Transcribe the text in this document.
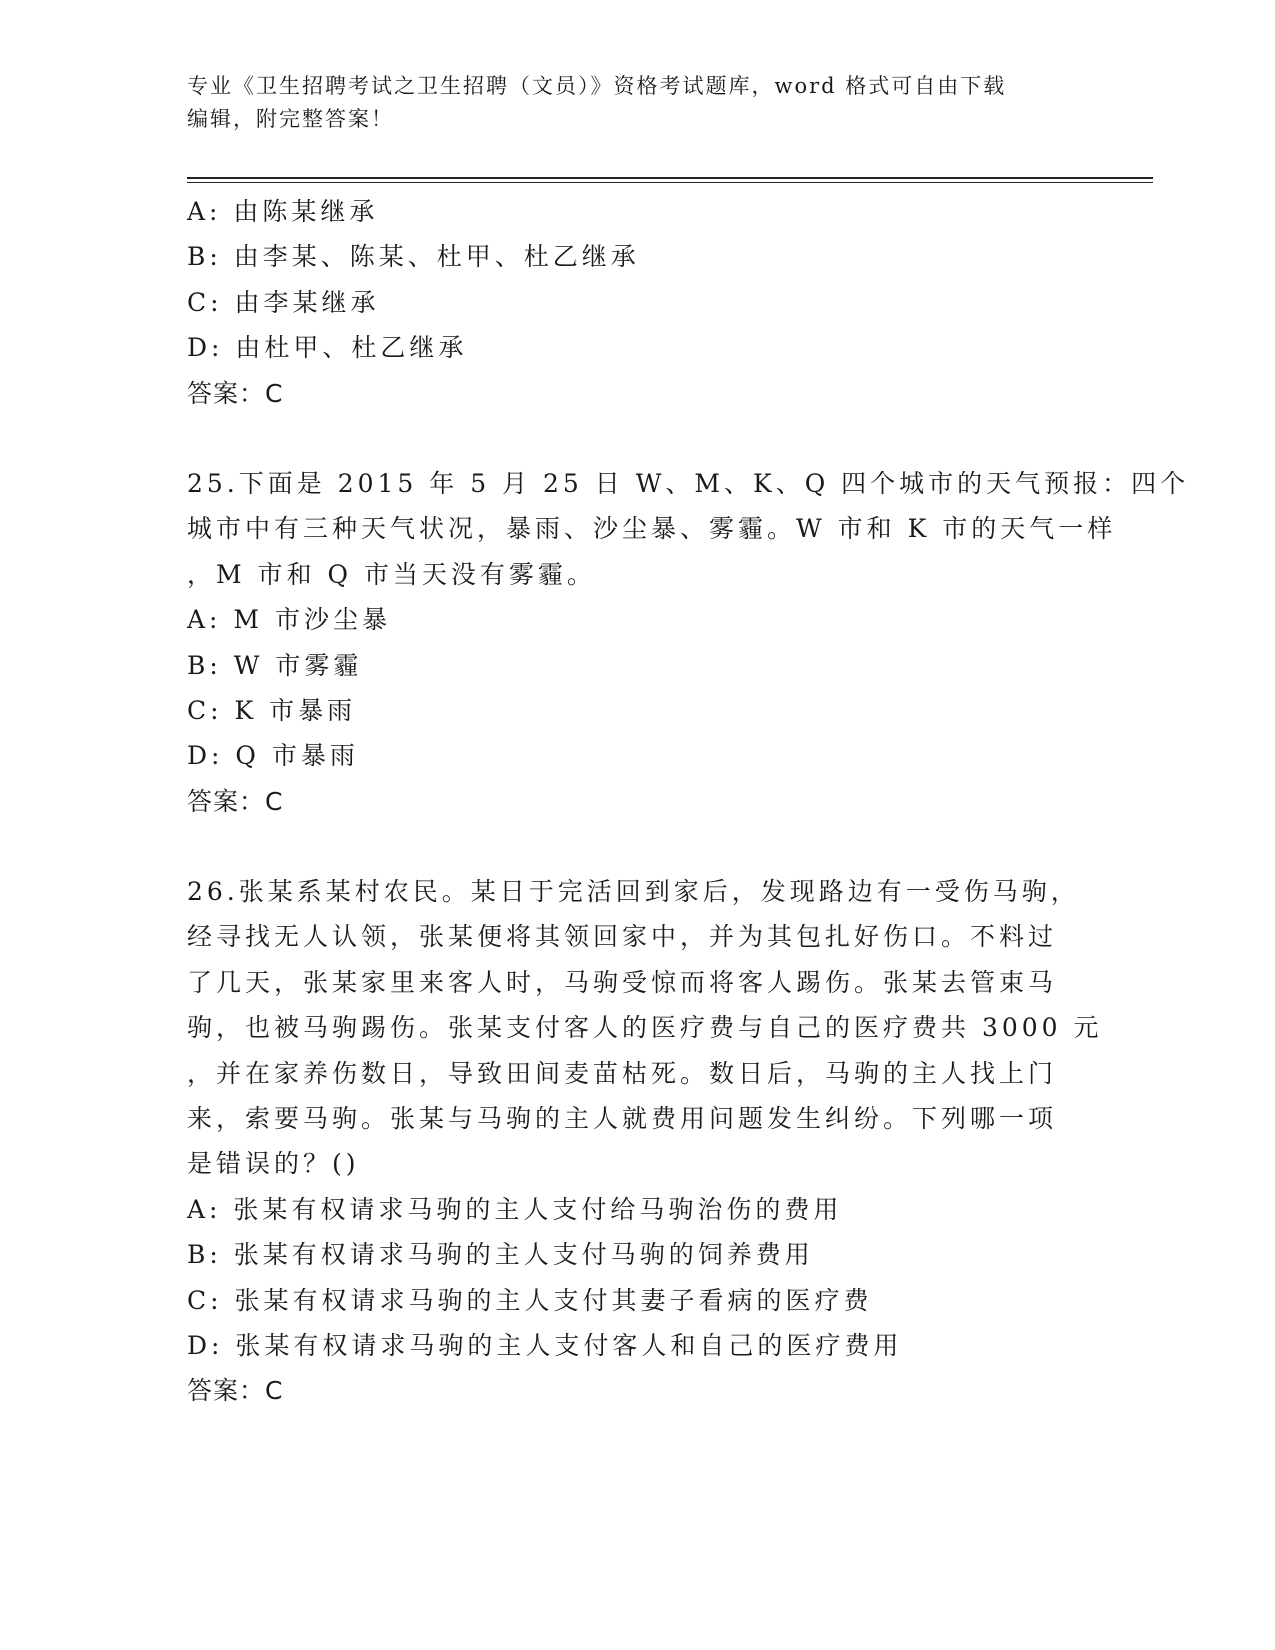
专业《卫生招聘考试之卫生招聘（文员）》资格考试题库，word 格式可自由下载
编辑，附完整答案！
A: 由陈某继承
B: 由李某、陈某、杜甲、杜乙继承
C: 由李某继承
D: 由杜甲、杜乙继承
答案：C
25.下面是 2015 年 5 月 25 日 W、M、K、Q 四个城市的天气预报：四个
城市中有三种天气状况，暴雨、沙尘暴、雾霾。W 市和 K 市的天气一样
，M 市和 Q 市当天没有雾霾。
A: M 市沙尘暴
B: W 市雾霾
C: K 市暴雨
D: Q 市暴雨
答案：C
26.张某系某村农民。某日于完活回到家后，发现路边有一受伤马驹，
经寻找无人认领，张某便将其领回家中，并为其包扎好伤口。不料过
了几天，张某家里来客人时，马驹受惊而将客人踢伤。张某去管束马
驹，也被马驹踢伤。张某支付客人的医疗费与自己的医疗费共 3000 元
，并在家养伤数日，导致田间麦苗枯死。数日后，马驹的主人找上门
来，索要马驹。张某与马驹的主人就费用问题发生纠纷。下列哪一项
是错误的？()
A: 张某有权请求马驹的主人支付给马驹治伤的费用
B: 张某有权请求马驹的主人支付马驹的饲养费用
C: 张某有权请求马驹的主人支付其妻子看病的医疗费
D: 张某有权请求马驹的主人支付客人和自己的医疗费用
答案：C
